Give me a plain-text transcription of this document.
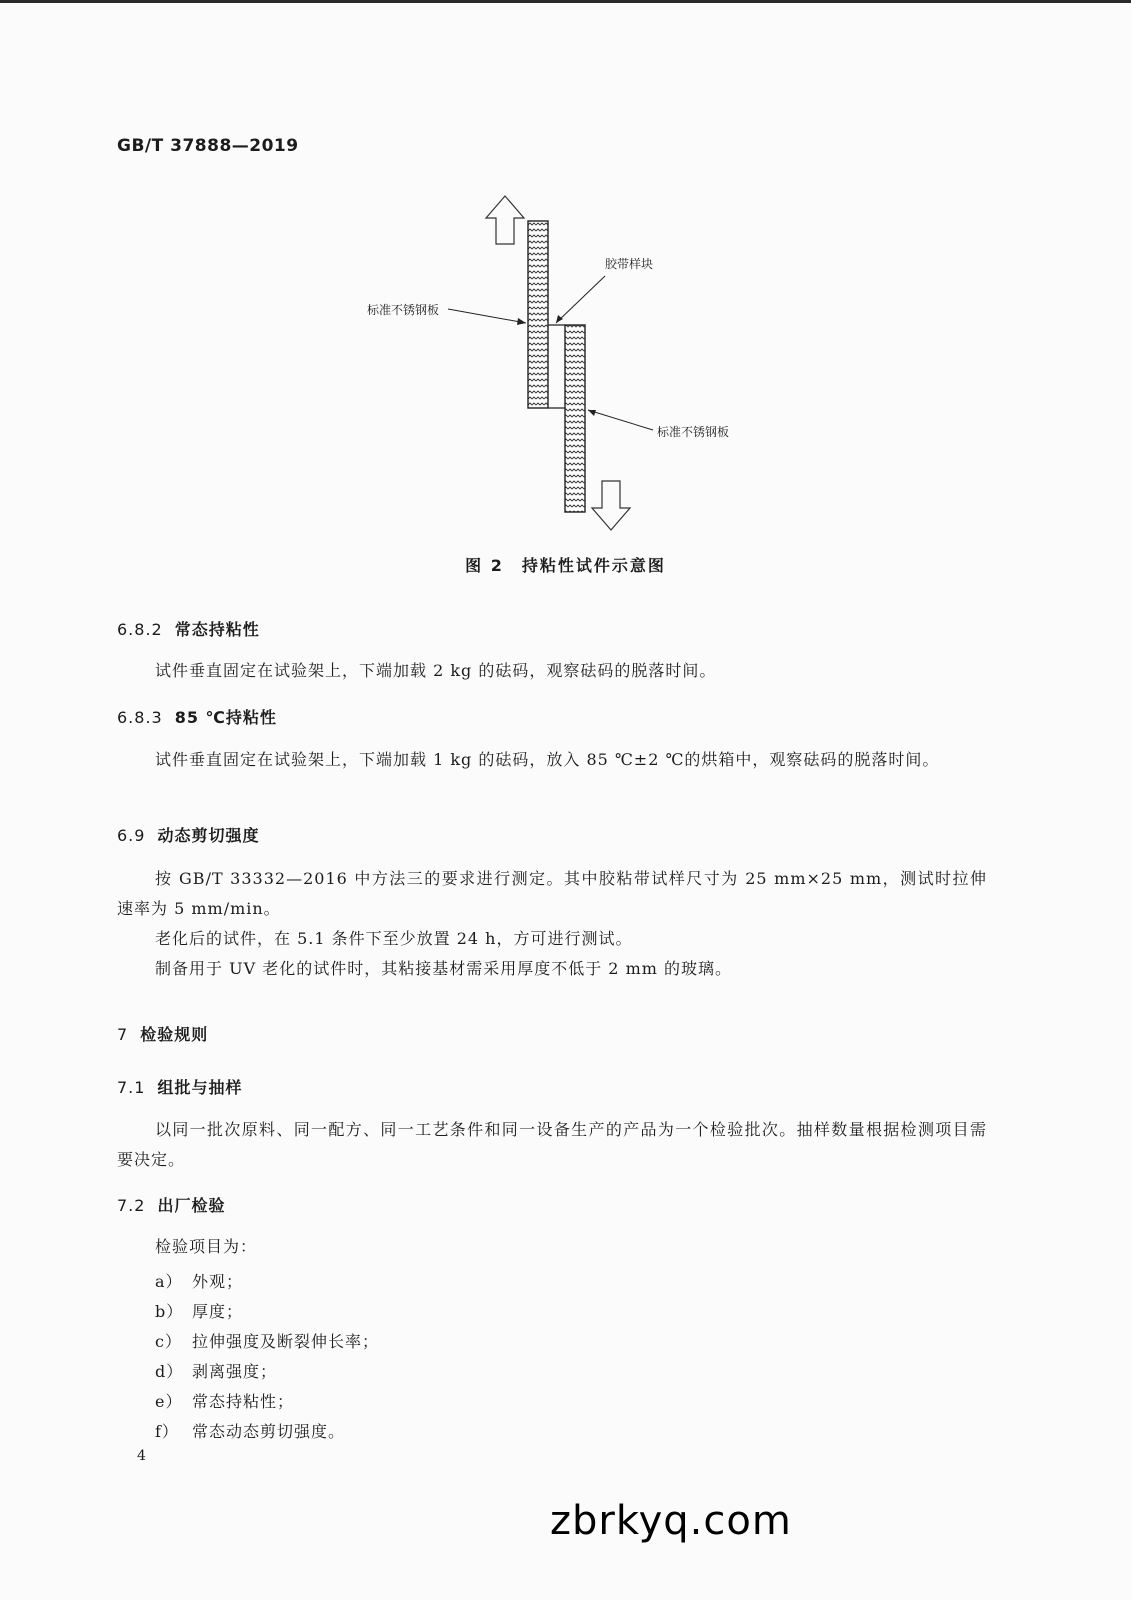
GB/T 37888—2019
胶带样块
标准不锈钢板
标准不锈钢板
图 2　持粘性试件示意图
6.8.2 常态持粘性
试件垂直固定在试验架上，下端加载 2 kg 的砝码，观察砝码的脱落时间。
6.8.3 85 ℃持粘性
试件垂直固定在试验架上，下端加载 1 kg 的砝码，放入 85 ℃±2 ℃的烘箱中，观察砝码的脱落时间。
6.9 动态剪切强度
按 GB/T 33332—2016 中方法三的要求进行测定。其中胶粘带试样尺寸为 25 mm×25 mm，测试时拉伸速率为 5 mm/min。
老化后的试件，在 5.1 条件下至少放置 24 h，方可进行测试。
制备用于 UV 老化的试件时，其粘接基材需采用厚度不低于 2 mm 的玻璃。
7 检验规则
7.1 组批与抽样
以同一批次原料、同一配方、同一工艺条件和同一设备生产的产品为一个检验批次。抽样数量根据检测项目需要决定。
7.2 出厂检验
检验项目为：
a） 外观；
b） 厚度；
c） 拉伸强度及断裂伸长率；
d） 剥离强度；
e） 常态持粘性；
f） 常态动态剪切强度。
4
zbrkyq.com
